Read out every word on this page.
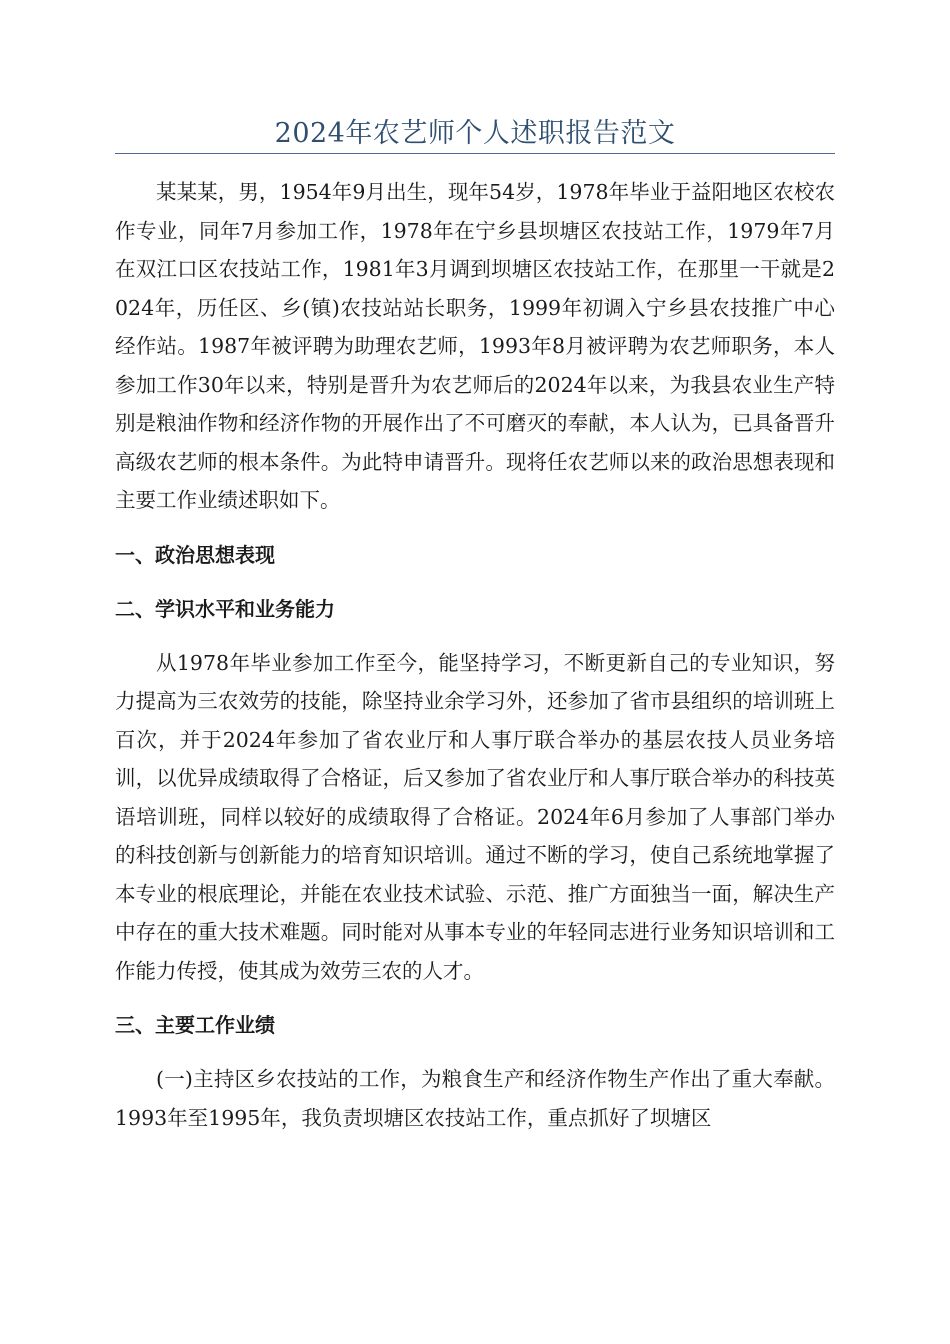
2024年农艺师个人述职报告范文

某某某，男，1954年9月出生，现年54岁，1978年毕业于益阳地区农校农作专业，同年7月参加工作，1978年在宁乡县坝塘区农技站工作，1979年7月在双江口区农技站工作，1981年3月调到坝塘区农技站工作，在那里一干就是2024年，历任区、乡(镇)农技站站长职务，1999年初调入宁乡县农技推广中心经作站。1987年被评聘为助理农艺师，1993年8月被评聘为农艺师职务，本人参加工作30年以来，特别是晋升为农艺师后的2024年以来，为我县农业生产特别是粮油作物和经济作物的开展作出了不可磨灭的奉献，本人认为，已具备晋升高级农艺师的根本条件。为此特申请晋升。现将任农艺师以来的政治思想表现和主要工作业绩述职如下。

一、政治思想表现

二、学识水平和业务能力

从1978年毕业参加工作至今，能坚持学习，不断更新自己的专业知识，努力提高为三农效劳的技能，除坚持业余学习外，还参加了省市县组织的培训班上百次，并于2024年参加了省农业厅和人事厅联合举办的基层农技人员业务培训，以优异成绩取得了合格证，后又参加了省农业厅和人事厅联合举办的科技英语培训班，同样以较好的成绩取得了合格证。2024年6月参加了人事部门举办的科技创新与创新能力的培育知识培训。通过不断的学习，使自己系统地掌握了本专业的根底理论，并能在农业技术试验、示范、推广方面独当一面，解决生产中存在的重大技术难题。同时能对从事本专业的年轻同志进行业务知识培训和工作能力传授，使其成为效劳三农的人才。

三、主要工作业绩

(一)主持区乡农技站的工作，为粮食生产和经济作物生产作出了重大奉献。1993年至1995年，我负责坝塘区农技站工作，重点抓好了坝塘区
